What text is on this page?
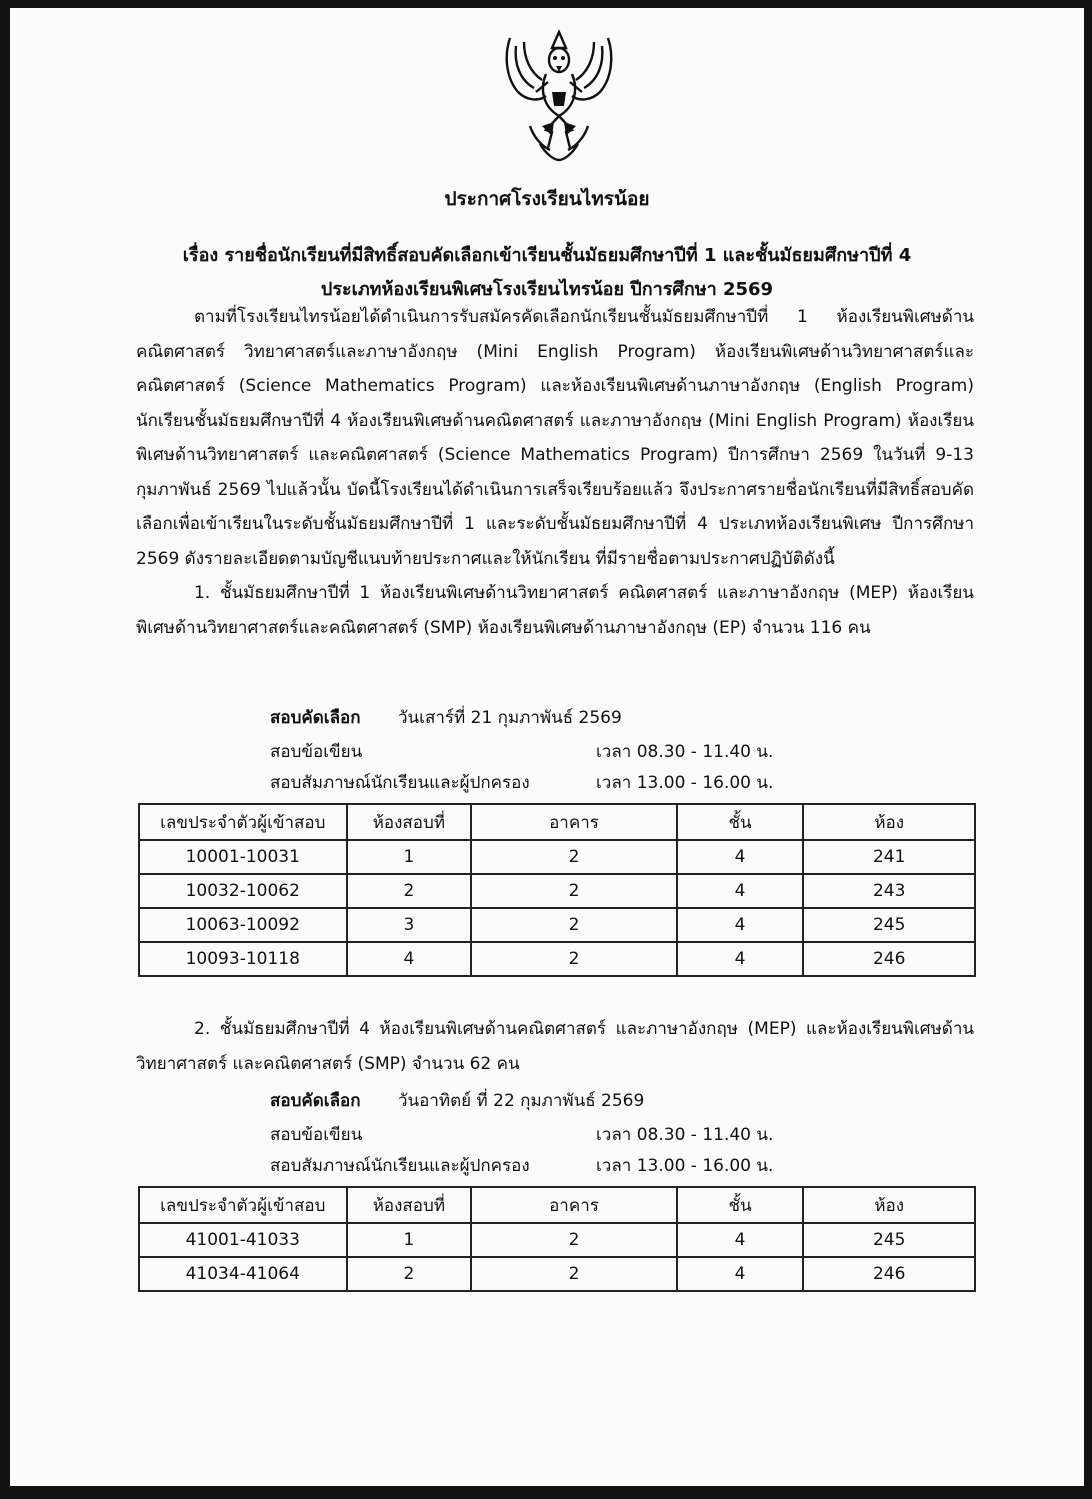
ประกาศโรงเรียนไทรน้อย
เรื่อง รายชื่อนักเรียนที่มีสิทธิ์สอบคัดเลือกเข้าเรียนชั้นมัธยมศึกษาปีที่ 1 และชั้นมัธยมศึกษาปีที่ 4
ประเภทห้องเรียนพิเศษโรงเรียนไทรน้อย ปีการศึกษา 2569

ตามที่โรงเรียนไทรน้อยได้ดำเนินการรับสมัครคัดเลือกนักเรียนชั้นมัธยมศึกษาปีที่ 1 ห้องเรียนพิเศษด้านคณิตศาสตร์ วิทยาศาสตร์และภาษาอังกฤษ (Mini English Program) ห้องเรียนพิเศษด้านวิทยาศาสตร์และคณิตศาสตร์ (Science Mathematics Program) และห้องเรียนพิเศษด้านภาษาอังกฤษ (English Program) นักเรียนชั้นมัธยมศึกษาปีที่ 4 ห้องเรียนพิเศษด้านคณิตศาสตร์ และภาษาอังกฤษ (Mini English Program) ห้องเรียนพิเศษด้านวิทยาศาสตร์ และคณิตศาสตร์ (Science Mathematics Program) ปีการศึกษา 2569 ในวันที่ 9-13 กุมภาพันธ์ 2569 ไปแล้วนั้น บัดนี้โรงเรียนได้ดำเนินการเสร็จเรียบร้อยแล้ว จึงประกาศรายชื่อนักเรียนที่มีสิทธิ์สอบคัดเลือกเพื่อเข้าเรียนในระดับชั้นมัธยมศึกษาปีที่ 1 และระดับชั้นมัธยมศึกษาปีที่ 4 ประเภทห้องเรียนพิเศษ ปีการศึกษา 2569 ดังรายละเอียดตามบัญชีแนบท้ายประกาศและให้นักเรียน ที่มีรายชื่อตามประกาศปฏิบัติดังนี้

1. ชั้นมัธยมศึกษาปีที่ 1 ห้องเรียนพิเศษด้านวิทยาศาสตร์ คณิตศาสตร์ และภาษาอังกฤษ (MEP) ห้องเรียนพิเศษด้านวิทยาศาสตร์และคณิตศาสตร์ (SMP) ห้องเรียนพิเศษด้านภาษาอังกฤษ (EP) จำนวน 116 คน

สอบคัดเลือก วันเสาร์ที่ 21 กุมภาพันธ์ 2569
สอบข้อเขียน	เวลา 08.30 - 11.40 น.
สอบสัมภาษณ์นักเรียนและผู้ปกครอง	เวลา 13.00 - 16.00 น.
เลขประจำตัวผู้เข้าสอบ	ห้องสอบที่	อาคาร	ชั้น	ห้อง
10001-10031	1	2	4	241
10032-10062	2	2	4	243
10063-10092	3	2	4	245
10093-10118	4	2	4	246

2. ชั้นมัธยมศึกษาปีที่ 4 ห้องเรียนพิเศษด้านคณิตศาสตร์ และภาษาอังกฤษ (MEP) และห้องเรียนพิเศษด้านวิทยาศาสตร์ และคณิตศาสตร์ (SMP) จำนวน 62 คน

สอบคัดเลือก วันอาทิตย์ ที่ 22 กุมภาพันธ์ 2569
สอบข้อเขียน	เวลา 08.30 - 11.40 น.
สอบสัมภาษณ์นักเรียนและผู้ปกครอง	เวลา 13.00 - 16.00 น.
เลขประจำตัวผู้เข้าสอบ	ห้องสอบที่	อาคาร	ชั้น	ห้อง
41001-41033	1	2	4	245
41034-41064	2	2	4	246
